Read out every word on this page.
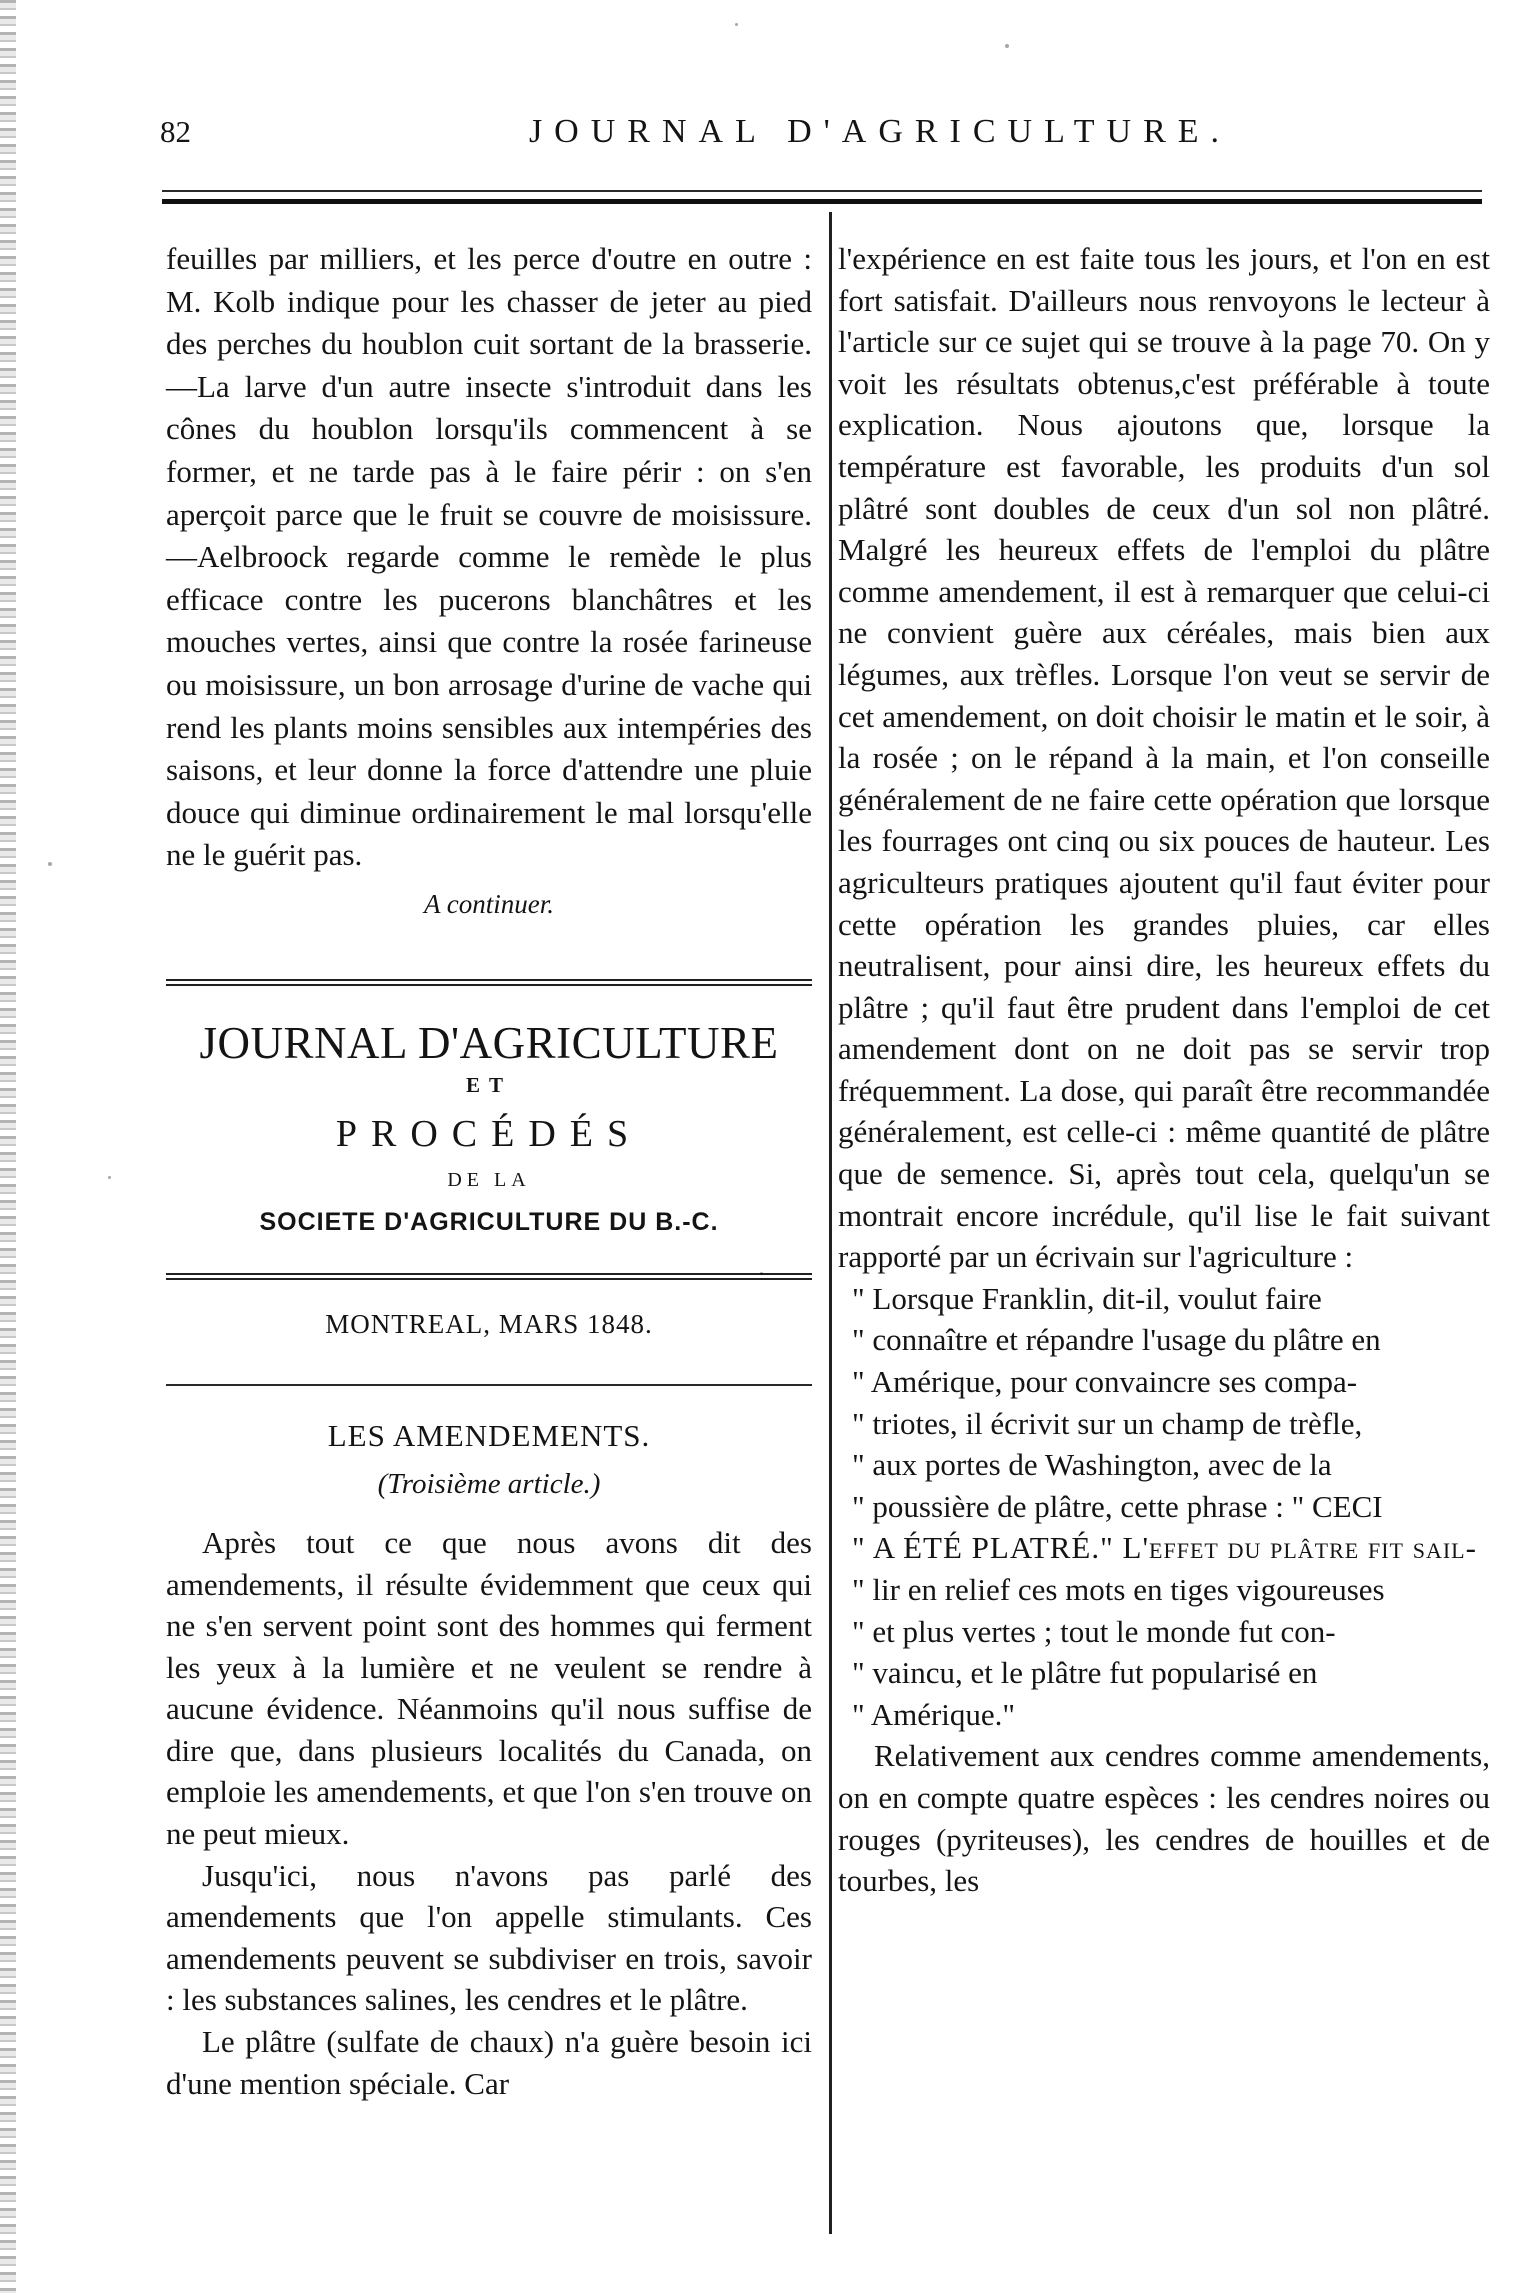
82	JOURNAL D'AGRICULTURE.

feuilles par milliers, et les perce d'outre en outre : M. Kolb indique pour les chasser de jeter au pied des perches du houblon cuit sortant de la brasserie.—La larve d'un autre insecte s'introduit dans les cônes du houblon lorsqu'ils commencent à se former, et ne tarde pas à le faire périr : on s'en aperçoit parce que le fruit se couvre de moisissure.—Aelbroock regarde comme le remède le plus efficace contre les pucerons blanchâtres et les mouches vertes, ainsi que contre la rosée farineuse ou moisissure, un bon arrosage d'urine de vache qui rend les plants moins sensibles aux intempéries des saisons, et leur donne la force d'attendre une pluie douce qui diminue ordinairement le mal lorsqu'elle ne le guérit pas.

A continuer.

JOURNAL D'AGRICULTURE
ET
PROCÉDÉS
DE LA
SOCIETE D'AGRICULTURE DU B.-C.
MONTREAL, MARS 1848.
LES AMENDEMENTS.
(Troisième article.)

Après tout ce que nous avons dit des amendements, il résulte évidemment que ceux qui ne s'en servent point sont des hommes qui ferment les yeux à la lumière et ne veulent se rendre à aucune évidence. Néanmoins qu'il nous suffise de dire que, dans plusieurs localités du Canada, on emploie les amendements, et que l'on s'en trouve on ne peut mieux.

Jusqu'ici, nous n'avons pas parlé des amendements que l'on appelle stimulants. Ces amendements peuvent se subdiviser en trois, savoir : les substances salines, les cendres et le plâtre.

Le plâtre (sulfate de chaux) n'a guère besoin ici d'une mention spéciale. Car

l'expérience en est faite tous les jours, et l'on en est fort satisfait. D'ailleurs nous renvoyons le lecteur à l'article sur ce sujet qui se trouve à la page 70. On y voit les résultats obtenus,c'est préférable à toute explication. Nous ajoutons que, lorsque la température est favorable, les produits d'un sol plâtré sont doubles de ceux d'un sol non plâtré. Malgré les heureux effets de l'emploi du plâtre comme amendement, il est à remarquer que celui-ci ne convient guère aux céréales, mais bien aux légumes, aux trèfles. Lorsque l'on veut se servir de cet amendement, on doit choisir le matin et le soir, à la rosée ; on le répand à la main, et l'on conseille généralement de ne faire cette opération que lorsque les fourrages ont cinq ou six pouces de hauteur. Les agriculteurs pratiques ajoutent qu'il faut éviter pour cette opération les grandes pluies, car elles neutralisent, pour ainsi dire, les heureux effets du plâtre ; qu'il faut être prudent dans l'emploi de cet amendement dont on ne doit pas se servir trop fréquemment. La dose, qui paraît être recommandée généralement, est celle-ci : même quantité de plâtre que de semence. Si, après tout cela, quelqu'un se montrait encore incrédule, qu'il lise le fait suivant rapporté par un écrivain sur l'agriculture :

" Lorsque Franklin, dit-il, voulut faire

" connaître et répandre l'usage du plâtre en

" Amérique, pour convaincre ses compa-

" triotes, il écrivit sur un champ de trèfle,

" aux portes de Washington, avec de la

" poussière de plâtre, cette phrase : " CECI

" A ÉTÉ PLATRÉ." L'effet du plâtre fit sail-

" lir en relief ces mots en tiges vigoureuses

" et plus vertes ; tout le monde fut con-

" vaincu, et le plâtre fut popularisé en

" Amérique."

Relativement aux cendres comme amendements, on en compte quatre espèces : les cendres noires ou rouges (pyriteuses), les cendres de houilles et de tourbes, les
